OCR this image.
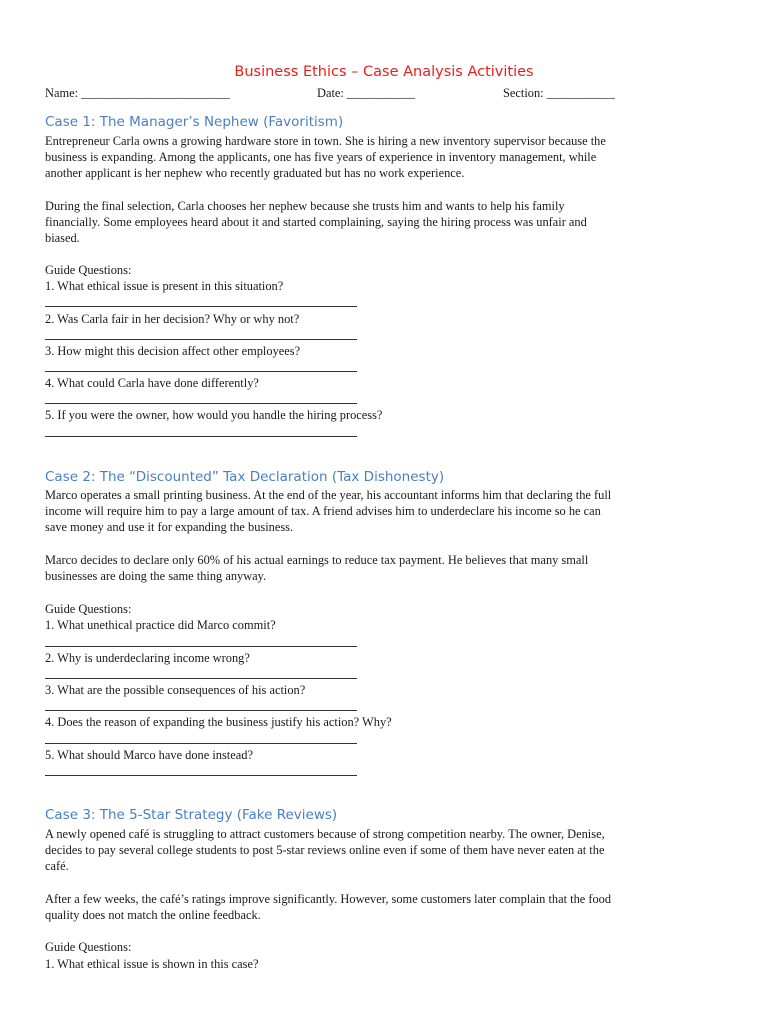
Business Ethics – Case Analysis Activities
Name: ________________________	Date: ___________	Section: ___________
Case 1: The Manager’s Nephew (Favoritism)
Entrepreneur Carla owns a growing hardware store in town. She is hiring a new inventory supervisor because the
business is expanding. Among the applicants, one has five years of experience in inventory management, while
another applicant is her nephew who recently graduated but has no work experience.
During the final selection, Carla chooses her nephew because she trusts him and wants to help his family
financially. Some employees heard about it and started complaining, saying the hiring process was unfair and
biased.
Guide Questions:
1. What ethical issue is present in this situation?
2. Was Carla fair in her decision? Why or why not?
3. How might this decision affect other employees?
4. What could Carla have done differently?
5. If you were the owner, how would you handle the hiring process?
Case 2: The “Discounted” Tax Declaration (Tax Dishonesty)
Marco operates a small printing business. At the end of the year, his accountant informs him that declaring the full
income will require him to pay a large amount of tax. A friend advises him to underdeclare his income so he can
save money and use it for expanding the business.
Marco decides to declare only 60% of his actual earnings to reduce tax payment. He believes that many small
businesses are doing the same thing anyway.
Guide Questions:
1. What unethical practice did Marco commit?
2. Why is underdeclaring income wrong?
3. What are the possible consequences of his action?
4. Does the reason of expanding the business justify his action? Why?
5. What should Marco have done instead?
Case 3: The 5-Star Strategy (Fake Reviews)
A newly opened café is struggling to attract customers because of strong competition nearby. The owner, Denise,
decides to pay several college students to post 5-star reviews online even if some of them have never eaten at the
café.
After a few weeks, the café’s ratings improve significantly. However, some customers later complain that the food
quality does not match the online feedback.
Guide Questions:
1. What ethical issue is shown in this case?
